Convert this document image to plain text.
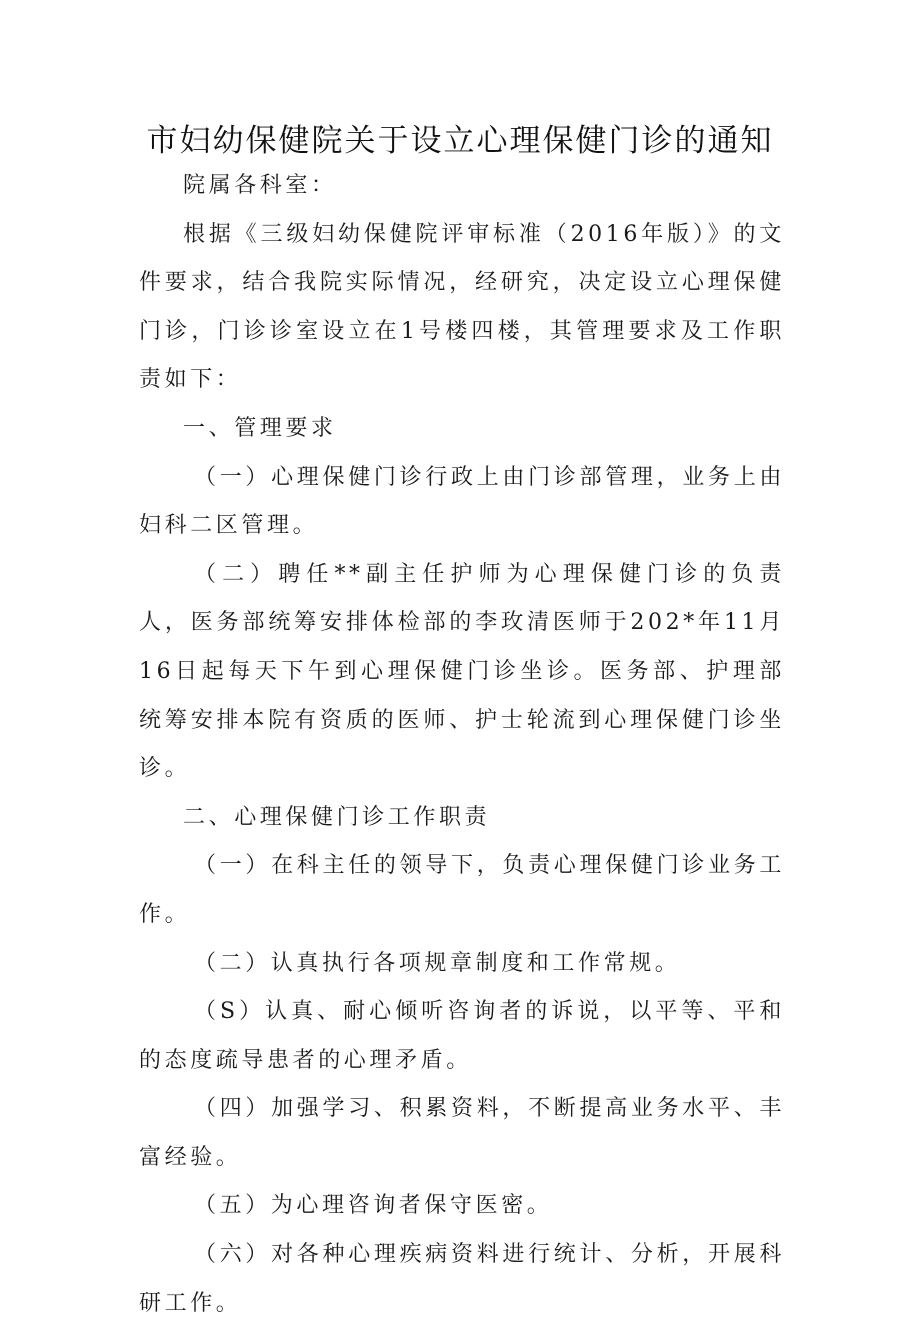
市妇幼保健院关于设立心理保健门诊的通知

院属各科室：

根据《三级妇幼保健院评审标准（2016年版）》的文件要求，结合我院实际情况，经研究，决定设立心理保健门诊，门诊诊室设立在1号楼四楼，其管理要求及工作职责如下：

一、管理要求

（一）心理保健门诊行政上由门诊部管理，业务上由妇科二区管理。

（二）聘任**副主任护师为心理保健门诊的负责人，医务部统筹安排体检部的李玫清医师于202*年11月16日起每天下午到心理保健门诊坐诊。医务部、护理部统筹安排本院有资质的医师、护士轮流到心理保健门诊坐诊。

二、心理保健门诊工作职责

（一）在科主任的领导下，负责心理保健门诊业务工作。

（二）认真执行各项规章制度和工作常规。

（S）认真、耐心倾听咨询者的诉说，以平等、平和的态度疏导患者的心理矛盾。

（四）加强学习、积累资料，不断提高业务水平、丰富经验。

（五）为心理咨询者保守医密。

（六）对各种心理疾病资料进行统计、分析，开展科研工作。
